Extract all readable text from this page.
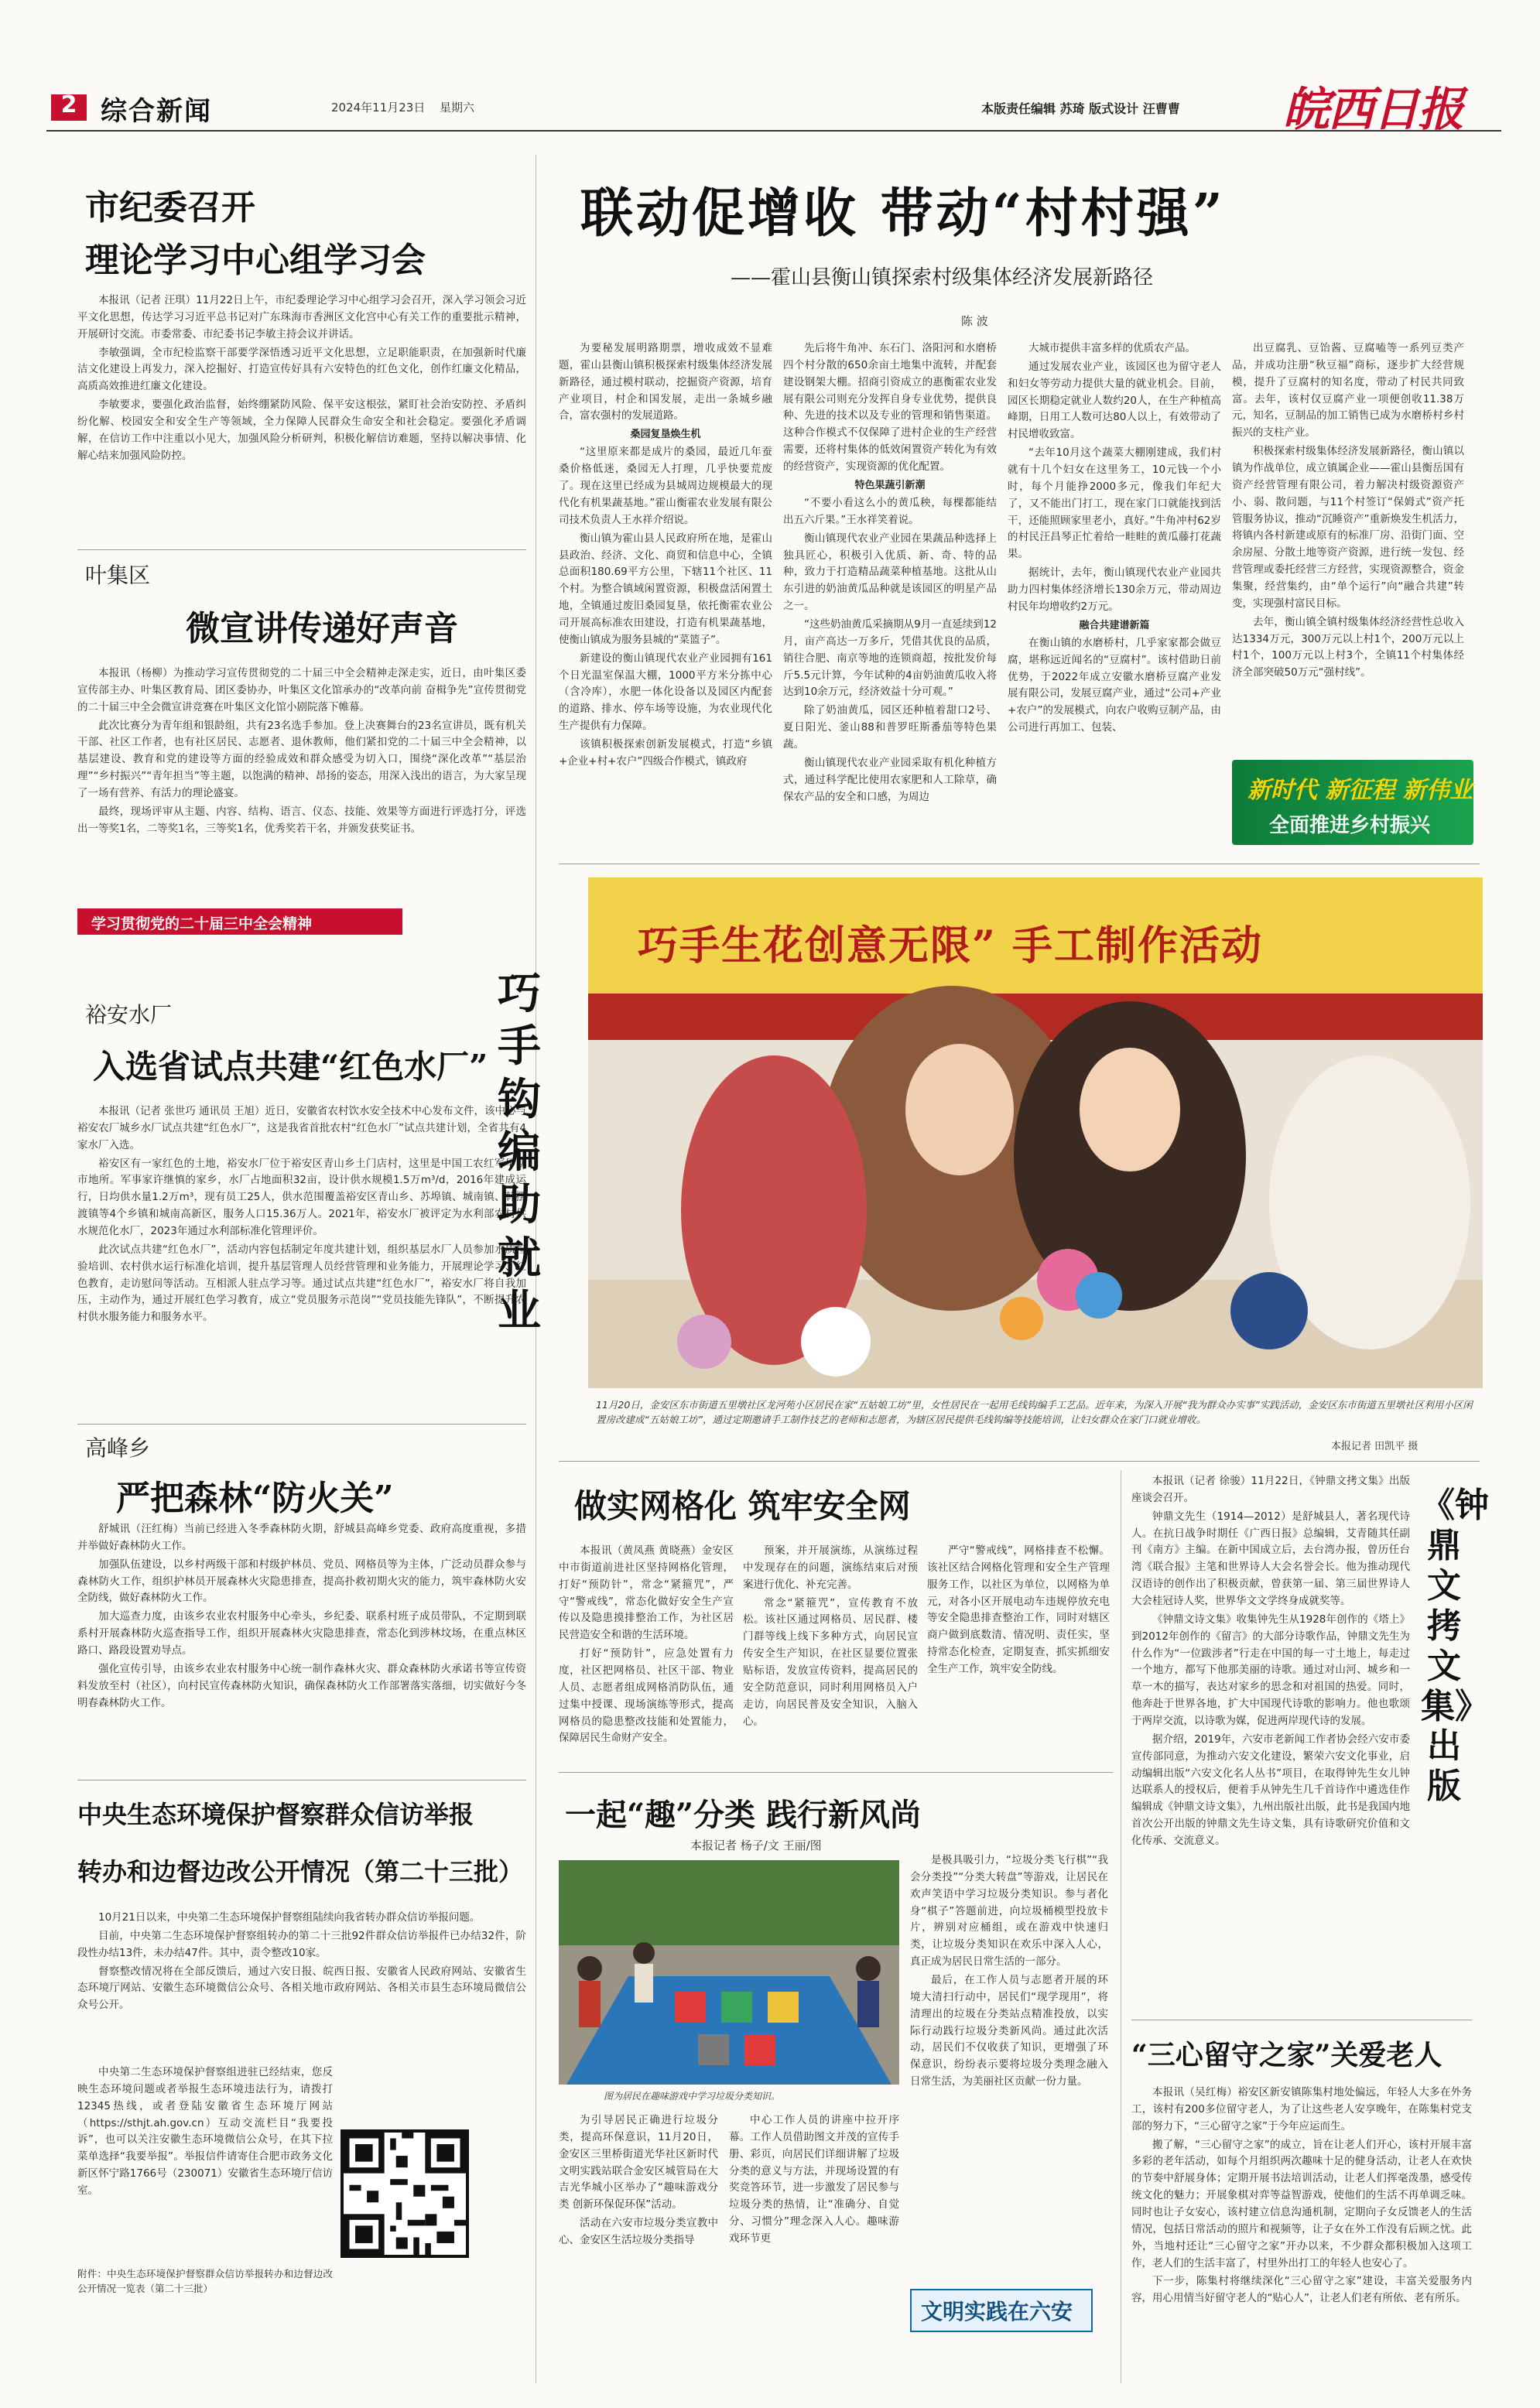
2 综合新闻	2024年11月23日 星期六	本版责任编辑 苏琦 版式设计 汪曹曹 皖西日报
市纪委召开
理论学习中心组学习会

本报讯（记者 汪琪）11月22日上午，市纪委理论学习中心组学习会召开，深入学习领会习近平文化思想，传达学习习近平总书记对广东珠海市香洲区文化宫中心有关工作的重要批示精神，开展研讨交流。市委常委、市纪委书记李敏主持会议并讲话。

李敏强调，全市纪检监察干部要学深悟透习近平文化思想，立足职能职责，在加强新时代廉洁文化建设上再发力，深入挖掘好、打造宣传好具有六安特色的红色文化，创作红廉文化精品，高质高效推进红廉文化建设。

李敏要求，要强化政治监督，始终绷紧防风险、保平安这根弦，紧盯社会治安防控、矛盾纠纷化解、校园安全和安全生产等领域，全力保障人民群众生命安全和社会稳定。要强化矛盾调解，在信访工作中注重以小见大，加强风险分析研判，积极化解信访难题，坚持以解决事情、化解心结来加强风险防控。

叶集区
微宣讲传递好声音

本报讯（杨柳）为推动学习宣传贯彻党的二十届三中全会精神走深走实，近日，由叶集区委宣传部主办、叶集区教育局、团区委协办，叶集区文化馆承办的“改革向前 奋楫争先”宣传贯彻党的二十届三中全会微宣讲竞赛在叶集区文化馆小剧院落下帷幕。

此次比赛分为青年组和银龄组，共有23名选手参加。登上决赛舞台的23名宣讲员，既有机关干部、社区工作者，也有社区居民、志愿者、退休教师，他们紧扣党的二十届三中全会精神，以基层建设、教育和党的建设等方面的经验成效和群众感受为切入口，围绕“深化改革”“基层治理”“乡村振兴”“青年担当”等主题，以饱满的精神、昂扬的姿态，用深入浅出的语言，为大家呈现了一场有营养、有活力的理论盛宴。

最终，现场评审从主题、内容、结构、语言、仪态、技能、效果等方面进行评选打分，评选出一等奖1名，二等奖1名，三等奖1名，优秀奖若干名，并颁发获奖证书。

学习贯彻党的二十届三中全会精神
裕安水厂
入选省试点共建“红色水厂”

本报讯（记者 张世巧 通讯员 王旭）近日，安徽省农村饮水安全技术中心发布文件，该中心与裕安农厂城乡水厂试点共建“红色水厂”，这是我省首批农村“红色水厂”试点共建计划，全省共有4家水厂入选。

裕安区有一家红色的土地，裕安水厂位于裕安区青山乡土门店村，这里是中国工农红军早期市地所。军事家许继慎的家乡，水厂占地面积32亩，设计供水规模1.5万m³/d，2016年建成运行，日均供水量1.2万m³，现有员工25人，供水范围覆盖裕安区青山乡、苏埠镇、城南镇、韩摆渡镇等4个乡镇和城南高新区，服务人口15.36万人。2021年，裕安水厂被评定为水利部农村供水规范化水厂，2023年通过水利部标准化管理评价。

此次试点共建“红色水厂”，活动内容包括制定年度共建计划，组织基层水厂人员参加水质检验培训、农村供水运行标准化培训，提升基层管理人员经营管理和业务能力，开展理论学习、红色教育，走访慰问等活动。互相派人驻点学习等。通过试点共建“红色水厂”，裕安水厂将自我加压，主动作为，通过开展红色学习教育，成立“党员服务示范岗”“党员技能先锋队”，不断提升农村供水服务能力和服务水平。

高峰乡
严把森林“防火关”

舒城讯（汪红梅）当前已经进入冬季森林防火期，舒城县高峰乡党委、政府高度重视，多措并举做好森林防火工作。

加强队伍建设，以乡村两级干部和村级护林员、党员、网格员等为主体，广泛动员群众参与森林防火工作，组织护林员开展森林火灾隐患排查，提高扑救初期火灾的能力，筑牢森林防火安全防线，做好森林防火工作。

加大巡查力度，由该乡农业农村服务中心牵头，乡纪委、联系村班子成员带队，不定期到联系村开展森林防火巡查指导工作，组织开展森林火灾隐患排查，常态化到涉林坟场，在重点林区路口、路段设置劝导点。

强化宣传引导，由该乡农业农村服务中心统一制作森林火灾、群众森林防火承诺书等宣传资料发放至村（社区），向村民宣传森林防火知识，确保森林防火工作部署落实落细，切实做好今冬明春森林防火工作。

中央生态环境保护督察群众信访举报
转办和边督边改公开情况（第二十三批）

10月21日以来，中央第二生态环境保护督察组陆续向我省转办群众信访举报问题。

目前，中央第二生态环境保护督察组转办的第二十三批92件群众信访举报件已办结32件，阶段性办结13件，未办结47件。其中，责令整改10家。

督察整改情况将在全部反馈后，通过六安日报、皖西日报、安徽省人民政府网站、安徽省生态环境厅网站、安徽生态环境微信公众号、各相关地市政府网站、各相关市县生态环境局微信公众号公开。

中央第二生态环境保护督察组进驻已经结束，您反映生态环境问题或者举报生态环境违法行为，请拨打12345热线，或者登陆安徽省生态环境厅网站（https://sthjt.ah.gov.cn）互动交流栏目“我要投诉”，也可以关注安徽生态环境微信公众号，在其下拉菜单选择“我要举报”。举报信件请寄住合肥市政务文化新区怀宁路1766号（230071）安徽省生态环境厅信访室。

附件：中央生态环境保护督察群众信访举报转办和边督边改公开情况一览表（第二十三批）
联动促增收 带动“村村强”
——霍山县衡山镇探索村级集体经济发展新路径
陈 波

为要秘发展明路期票，增收成效不显难题，霍山县衡山镇积极探索村级集体经济发展新路径，通过模村联动，挖掘资产资源，培育产业项目，村企和国发展，走出一条城乡融合，富农强村的发展道路。

桑园复垦焕生机

“这里原来都是成片的桑园，最近几年蚕桑价格低迷，桑园无人打理，几乎快要荒废了。现在这里已经成为县城周边规模最大的现代化有机果蔬基地。”霍山衡霍农业发展有限公司技术负责人王水祥介绍说。

衡山镇为霍山县人民政府所在地，是霍山县政治、经济、文化、商贸和信息中心，全镇总面积180.69平方公里，下辖11个社区、11个村。为整合镇域闲置资源，积极盘活闲置土地，全镇通过废旧桑园复垦，依托衡霍农业公司开展高标准农田建设，打造有机果蔬基地，使衡山镇成为服务县城的“菜篮子”。

新建设的衡山镇现代农业产业园拥有161个日光温室保温大棚，1000平方米分拣中心（含冷库），水肥一体化设备以及园区内配套的道路、排水、停车场等设施，为农业现代化生产提供有力保障。

该镇积极探索创新发展模式，打造“乡镇+企业+村+农户”四级合作模式，镇政府

先后将牛角冲、东石门、洛阳河和水磨桥四个村分散的650余亩土地集中流转，并配套建设钢架大棚。招商引资成立的惠衡霍农业发展有限公司则充分发挥自身专业优势，提供良种、先进的技术以及专业的管理和销售渠道。这种合作模式不仅保障了进村企业的生产经营需要，还将村集体的低效闲置资产转化为有效的经营资产，实现资源的优化配置。

特色果蔬引新潮

“不要小看这么小的黄瓜秧，每棵都能结出五六斤果。”王水祥笑着说。

衡山镇现代农业产业园在果蔬品种选择上独具匠心，积极引入优质、新、奇、特的品种，致力于打造精品蔬菜种植基地。这批从山东引进的奶油黄瓜品种就是该园区的明星产品之一。

“这些奶油黄瓜采摘期从9月一直延续到12月，亩产高达一万多斤，凭借其优良的品质，销往合肥、南京等地的连锁商超，按批发价每斤5.5元计算，今年试种的4亩奶油黄瓜收入将达到10余万元，经济效益十分可观。”

除了奶油黄瓜，园区还种植着甜口2号、夏日阳光、釜山88和普罗旺斯番茄等特色果蔬。

衡山镇现代农业产业园采取有机化种植方式，通过科学配比使用农家肥和人工除草，确保农产品的安全和口感，为周边

大城市提供丰富多样的优质农产品。

通过发展农业产业，该园区也为留守老人和妇女等劳动力提供大量的就业机会。目前，园区长期稳定就业人数约20人，在生产种植高峰期，日用工人数可达80人以上，有效带动了村民增收致富。

“去年10月这个蔬菜大棚刚建成，我们村就有十几个妇女在这里务工，10元钱一个小时，每个月能挣2000多元，像我们年纪大了，又不能出门打工，现在家门口就能找到活干，还能照顾家里老小，真好。”牛角冲村62岁的村民汪昌琴正忙着给一畦畦的黄瓜藤打花蔬果。

据统计，去年，衡山镇现代农业产业园共助力四村集体经济增长130余万元，带动周边村民年均增收约2万元。

融合共建谱新篇

在衡山镇的水磨桥村，几乎家家都会做豆腐，堪称远近闻名的“豆腐村”。该村借助日前优势，于2022年成立安徽水磨桥豆腐产业发展有限公司，发展豆腐产业，通过“公司+产业+农户”的发展模式，向农户收购豆制产品，由公司进行再加工、包装、

出豆腐乳、豆饴酱、豆腐嗑等一系列豆类产品，并成功注册“秋豆福”商标，逐步扩大经营规模，提升了豆腐村的知名度，带动了村民共同致富。去年，该村仅豆腐产业一项便创收11.38万元，知名，豆制品的加工销售已成为水磨桥村乡村振兴的支柱产业。

积极探索村级集体经济发展新路径，衡山镇以镇为作战单位，成立镇属企业——霍山县衡岳国有资产经营管理有限公司，着力解决村级资源资产小、弱、散问题，与11个村签订“保姆式”资产托管服务协议，推动“沉睡资产”重新焕发生机活力，将镇内各村新建或原有的标准厂房、沿街门面、空余房屋、分散土地等资产资源，进行统一发包、经营管理或委托经营三方经营，实现资源整合，资金集聚，经营集约，由“单个运行”向“融合共建”转变，实现强村富民目标。

去年，衡山镇全镇村级集体经济经营性总收入达1334万元，300万元以上村1个，200万元以上村1个，100万元以上村3个，全镇11个村集体经济全部突破50万元“强村线”。

新时代 新征程 新伟业
全面推进乡村振兴
巧手钩编助就业
巧手生花创意无限” 手工制作活动
11月20日，金安区东市街道五里墩社区龙河苑小区居民在家“五姑娘工坊”里，女性居民在一起用毛线钩编手工艺品。近年来，为深入开展“我为群众办实事”实践活动，金安区东市街道五里墩社区利用小区闲置房改建成“五姑娘工坊”，通过定期邀请手工制作技艺的老师和志愿者，为辖区居民提供毛线钩编等技能培训，让妇女群众在家门口就业增收。
本报记者 田凯平 摄
做实网格化 筑牢安全网

本报讯（黄凤燕 黄晓燕）金安区中市街道前进社区坚持网格化管理，打好“预防针”，常念“紧箍咒”，严守“警戒线”，常态化做好安全生产宣传以及隐患摸排整治工作，为社区居民营造安全和谐的生活环境。

打好“预防针”，应急处置有力度，社区把网格员、社区干部、物业人员、志愿者组成网格消防队伍，通过集中授课、现场演练等形式，提高网格员的隐患整改技能和处置能力，保障居民生命财产安全。

预案，并开展演练，从演练过程中发现存在的问题，演练结束后对预案进行优化、补充完善。

常念“紧箍咒”，宣传教育不放松。该社区通过网格员、居民群、楼门群等线上线下多种方式，向居民宣传安全生产知识，在社区显要位置张贴标语，发放宣传资料，提高居民的安全防范意识，同时利用网格员入户走访，向居民普及安全知识，入脑入心。

严守“警戒线”，网格排查不松懈。该社区结合网格化管理和安全生产管理服务工作，以社区为单位，以网格为单元，对各小区开展电动车违规停放充电等安全隐患排查整治工作，同时对辖区商户做到底数清、情况明、责任实，坚持常态化检查，定期复查，抓实抓细安全生产工作，筑牢安全防线。

一起“趣”分类 践行新风尚
本报记者 杨子/文 王丽/图
图为居民在趣味游戏中学习垃圾分类知识。

为引导居民正确进行垃圾分类，提高环保意识，11月20日，金安区三里桥街道光华社区新时代文明实践站联合金安区城管局在大吉光华城小区举办了“趣味游戏分类 创新环保促环保”活动。

活动在六安市垃圾分类宣教中心、金安区生活垃圾分类指导

中心工作人员的讲座中拉开序幕。工作人员借助图文并茂的宣传手册、彩页，向居民们详细讲解了垃圾分类的意义与方法，并现场设置的有奖竞答环节，进一步激发了居民参与垃圾分类的热情，让“准确分、自觉分、习惯分”理念深入人心。趣味游戏环节更

是极具吸引力，“垃圾分类飞行棋”“我会分类投”“分类大转盘”等游戏，让居民在欢声笑语中学习垃圾分类知识。参与者化身“棋子”答题前进，向垃圾桶模型投放卡片，辨别对应桶组，或在游戏中快速归类，让垃圾分类知识在欢乐中深入人心，真正成为居民日常生活的一部分。

最后，在工作人员与志愿者开展的环境大清扫行动中，居民们“现学现用”，将清理出的垃圾在分类站点精准投放，以实际行动践行垃圾分类新风尚。通过此次活动，居民们不仅收获了知识，更增强了环保意识，纷纷表示要将垃圾分类理念融入日常生活，为美丽社区贡献一份力量。

文明实践在六安

本报讯（记者 徐骏）11月22日，《钟鼎文拷文集》出版座谈会召开。

钟鼎文先生（1914—2012）是舒城县人，著名现代诗人。在抗日战争时期任《广西日报》总编辑，艾青随其任副刊《南方》主编。在新中国成立后，去台湾办报，曾历任台湾《联合报》主笔和世界诗人大会名誉会长。他为推动现代汉语诗的创作出了积极贡献，曾获第一届、第三届世界诗人大会桂冠诗人奖，世界华文文学终身成就奖等。

《钟鼎文诗文集》收集钟先生从1928年创作的《塔上》到2012年创作的《留言》的大部分诗歌作品，钟鼎文先生为什么作为“一位跋涉者”行走在中国的每一寸土地上，每走过一个地方，都写下他那美丽的诗歌。通过对山河、城乡和一草一木的描写，表达对家乡的思念和对祖国的热爱。同时，他奔赴于世界各地，扩大中国现代诗歌的影响力。他也歌颂于两岸交流，以诗歌为媒，促进两岸现代诗的发展。

据介绍，2019年，六安市老新闻工作者协会经六安市委宣传部同意，为推动六安文化建设，繁荣六安文化事业，启动编辑出版“六安文化名人丛书”项目，在取得钟先生女儿钟达联系人的授权后，便着手从钟先生几千首诗作中遴选佳作编辑成《钟鼎文诗文集》，九州出版社出版，此书是我国内地首次公开出版的钟鼎文先生诗文集，具有诗歌研究价值和文化传承、交流意义。

《钟鼎文拷文集》出版
“三心留守之家”关爱老人

本报讯（吴红梅）裕安区新安镇陈集村地处偏远，年轻人大多在外务工，该村有200多位留守老人，为了让这些老人安享晚年，在陈集村党支部的努力下，“三心留守之家”于今年应运而生。

搬了解，“三心留守之家”的成立，旨在让老人们开心，该村开展丰富多彩的老年活动，如每个月组织两次趣味十足的健身活动，让老人在欢快的节奏中舒展身体；定期开展书法培训活动，让老人们挥毫泼墨，感受传统文化的魅力；开展象棋对弈等益智游戏，使他们的生活不再单调乏味。同时也让子女安心，该村建立信息沟通机制，定期向子女反馈老人的生活情况，包括日常活动的照片和视频等，让子女在外工作没有后顾之忧。此外，当地村还让“三心留守之家”开办以来，不少群众都积极加入这项工作，老人们的生活丰富了，村里外出打工的年轻人也安心了。

下一步，陈集村将继续深化“三心留守之家”建设，丰富关爱服务内容，用心用情当好留守老人的“贴心人”，让老人们老有所依、老有所乐。
